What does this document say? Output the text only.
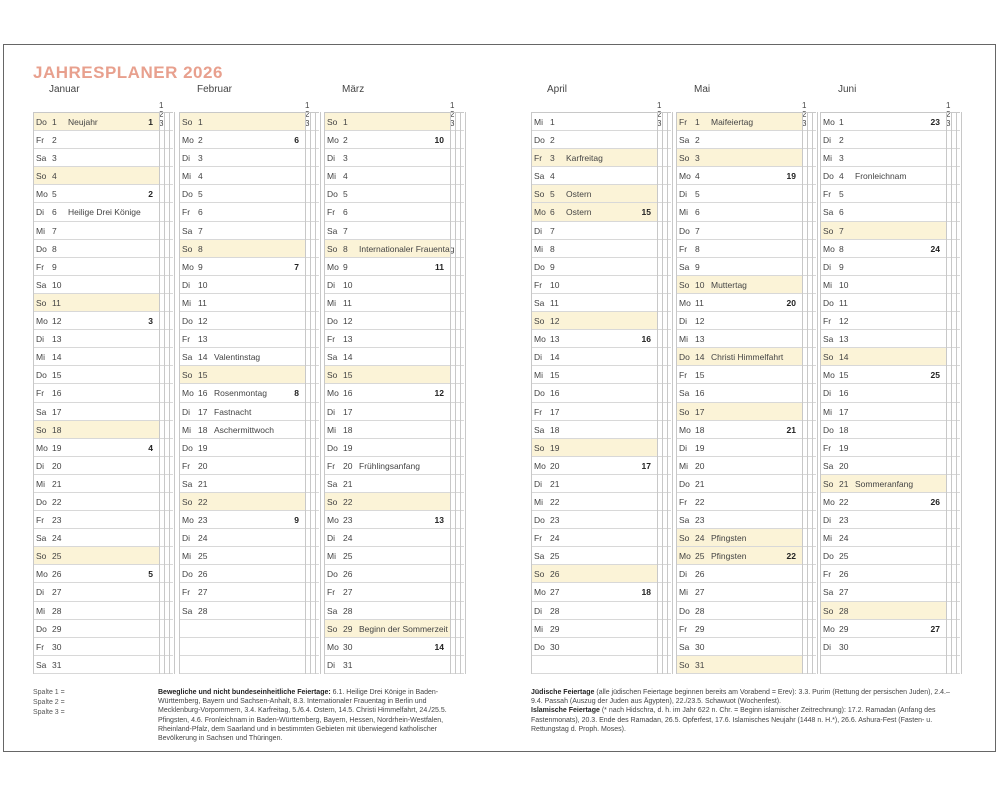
JAHRESPLANER 2026
Januar
1 2 3
Do 1 Neujahr	1
Fr 2
Sa 3
So 4
Mo 5	2
Di 6 Heilige Drei Könige
Mi 7
Do 8
Fr 9
Sa 10
So 11
Mo 12	3
Di 13
Mi 14
Do 15
Fr 16
Sa 17
So 18
Mo 19	4
Di 20
Mi 21
Do 22
Fr 23
Sa 24
So 25
Mo 26	5
Di 27
Mi 28
Do 29
Fr 30
Sa 31
Februar
1 2 3
So 1
Mo 2	6
Di 3
Mi 4
Do 5
Fr 6
Sa 7
So 8
Mo 9	7
Di 10
Mi 11
Do 12
Fr 13
Sa 14 Valentinstag
So 15
Mo 16 Rosenmontag	8
Di 17 Fastnacht
Mi 18 Aschermittwoch
Do 19
Fr 20
Sa 21
So 22
Mo 23	9
Di 24
Mi 25
Do 26
Fr 27
Sa 28
März
1 2 3
So 1
Mo 2	10
Di 3
Mi 4
Do 5
Fr 6
Sa 7
So 8 Internationaler Frauentag
Mo 9	11
Di 10
Mi 11
Do 12
Fr 13
Sa 14
So 15
Mo 16	12
Di 17
Mi 18
Do 19
Fr 20 Frühlingsanfang
Sa 21
So 22
Mo 23	13
Di 24
Mi 25
Do 26
Fr 27
Sa 28
So 29 Beginn der Sommerzeit
Mo 30	14
Di 31
April
1 2 3
Mi 1
Do 2
Fr 3 Karfreitag
Sa 4
So 5 Ostern
Mo 6 Ostern	15
Di 7
Mi 8
Do 9
Fr 10
Sa 11
So 12
Mo 13	16
Di 14
Mi 15
Do 16
Fr 17
Sa 18
So 19
Mo 20	17
Di 21
Mi 22
Do 23
Fr 24
Sa 25
So 26
Mo 27	18
Di 28
Mi 29
Do 30
Mai
1 2 3
Fr 1 Maifeiertag
Sa 2
So 3
Mo 4	19
Di 5
Mi 6
Do 7
Fr 8
Sa 9
So 10 Muttertag
Mo 11	20
Di 12
Mi 13
Do 14 Christi Himmelfahrt
Fr 15
Sa 16
So 17
Mo 18	21
Di 19
Mi 20
Do 21
Fr 22
Sa 23
So 24 Pfingsten
Mo 25 Pfingsten	22
Di 26
Mi 27
Do 28
Fr 29
Sa 30
So 31
Juni
1 2 3
Mo 1	23
Di 2
Mi 3
Do 4 Fronleichnam
Fr 5
Sa 6
So 7
Mo 8	24
Di 9
Mi 10
Do 11
Fr 12
Sa 13
So 14
Mo 15	25
Di 16
Mi 17
Do 18
Fr 19
Sa 20
So 21 Sommeranfang
Mo 22	26
Di 23
Mi 24
Do 25
Fr 26
Sa 27
So 28
Mo 29	27
Di 30
Spalte 1 =
Spalte 2 =
Spalte 3 =
Bewegliche und nicht bundeseinheitliche Feiertage: 6.1. Heilige Drei Könige in Baden-Württemberg, Bayern und Sachsen-Anhalt, 8.3. Internationaler Frauentag in Berlin und Mecklenburg-Vorpommern, 3.4. Karfreitag, 5./6.4. Ostern, 14.5. Christi Himmelfahrt, 24./25.5. Pfingsten, 4.6. Fronleichnam in Baden-Württemberg, Bayern, Hessen, Nordrhein-Westfalen, Rheinland-Pfalz, dem Saarland und in bestimmten Gebieten mit überwiegend katholischer Bevölkerung in Sachsen und Thüringen.
Jüdische Feiertage (alle jüdischen Feiertage beginnen bereits am Vorabend = Erev): 3.3. Purim (Rettung der persischen Juden), 2.4.–9.4. Passah (Auszug der Juden aus Ägypten), 22./23.5. Schawuot (Wochenfest).
Islamische Feiertage (* nach Hidschra, d. h. im Jahr 622 n. Chr. = Beginn islamischer Zeitrechnung): 17.2. Ramadan (Anfang des Fastenmonats), 20.3. Ende des Ramadan, 26.5. Opferfest, 17.6. Islamisches Neujahr (1448 n. H.*), 26.6. Ashura-Fest (Fasten- u. Rettungstag d. Proph. Moses).
